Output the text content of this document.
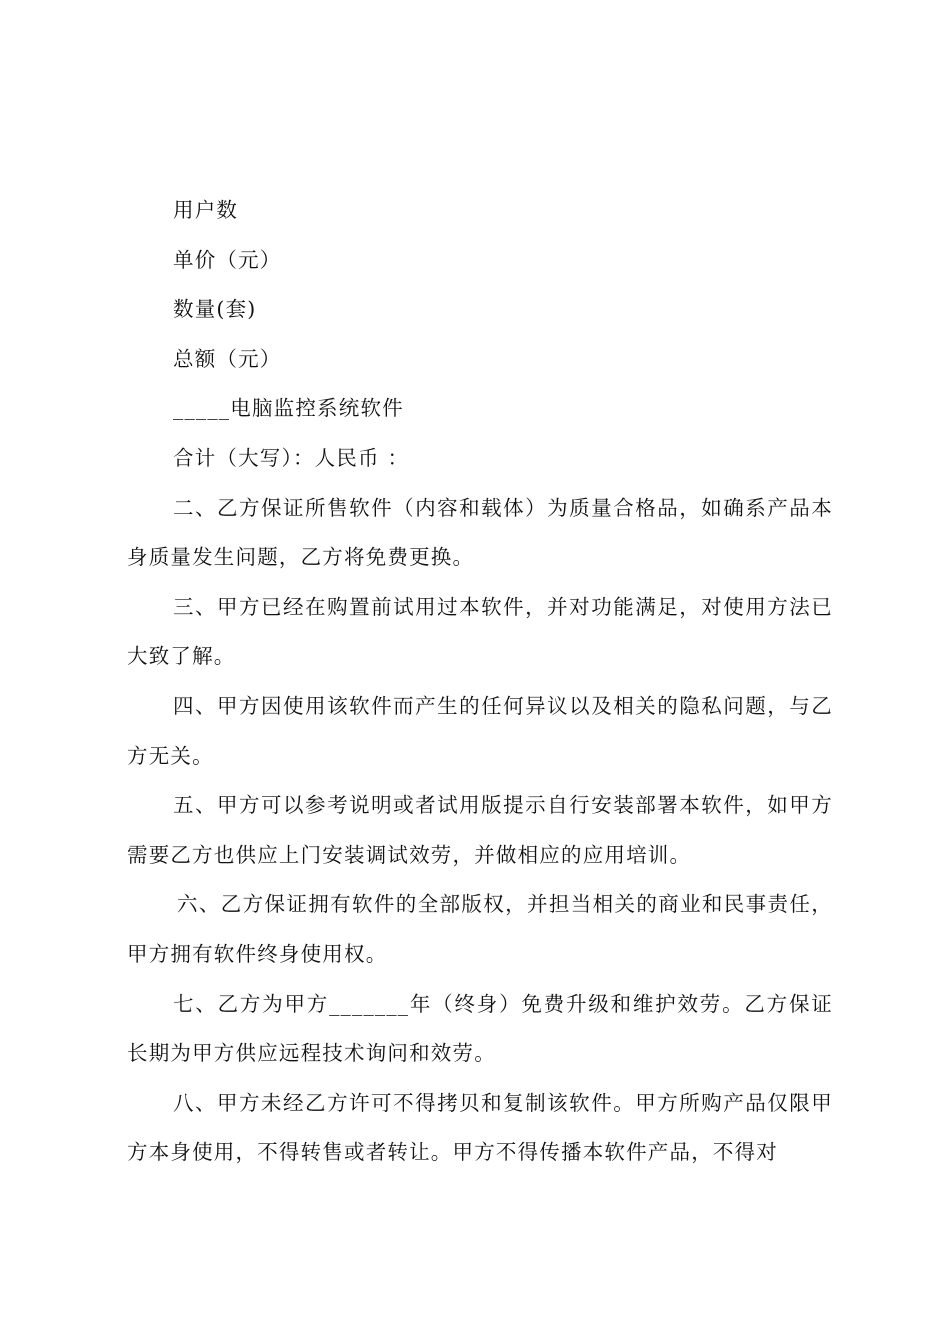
用户数

单价（元）

数量(套)

总额（元）

_____电脑监控系统软件

合计（大写）：人民币 ：

二、乙方保证所售软件（内容和载体）为质量合格品，如确系产品本身质量发生问题，乙方将免费更换。

三、甲方已经在购置前试用过本软件，并对功能满足，对使用方法已大致了解。

四、甲方因使用该软件而产生的任何异议以及相关的隐私问题，与乙方无关。

五、甲方可以参考说明或者试用版提示自行安装部署本软件，如甲方需要乙方也供应上门安装调试效劳，并做相应的应用培训。

六、乙方保证拥有软件的全部版权，并担当相关的商业和民事责任，甲方拥有软件终身使用权。

七、乙方为甲方_______年（终身）免费升级和维护效劳。乙方保证长期为甲方供应远程技术询问和效劳。

八、甲方未经乙方许可不得拷贝和复制该软件。甲方所购产品仅限甲方本身使用，不得转售或者转让。甲方不得传播本软件产品，不得对
